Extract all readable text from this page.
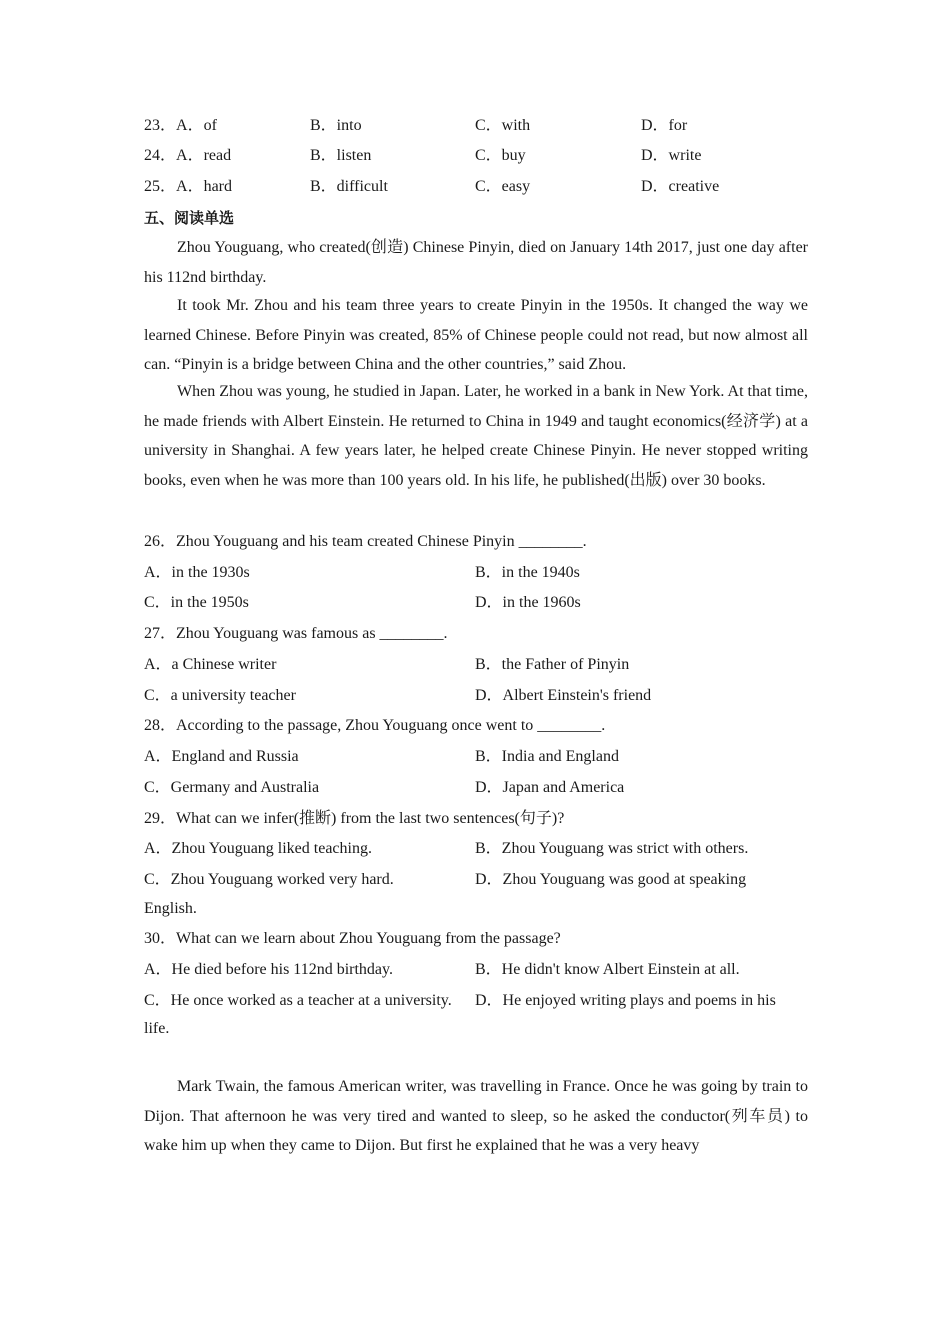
23．A．of	B．into	C．with	D．for
24．A．read	B．listen	C．buy	D．write
25．A．hard	B．difficult	C．easy	D．creative
五、阅读单选
Zhou Youguang, who created(创造) Chinese Pinyin, died on January 14th 2017, just one day after his 112nd birthday.
It took Mr. Zhou and his team three years to create Pinyin in the 1950s. It changed the way we learned Chinese. Before Pinyin was created, 85% of Chinese people could not read, but now almost all can. “Pinyin is a bridge between China and the other countries,” said Zhou.
When Zhou was young, he studied in Japan. Later, he worked in a bank in New York. At that time, he made friends with Albert Einstein. He returned to China in 1949 and taught economics(经济学) at a university in Shanghai. A few years later, he helped create Chinese Pinyin. He never stopped writing books, even when he was more than 100 years old. In his life, he published(出版) over 30 books.
26．Zhou Youguang and his team created Chinese Pinyin ________.
A．in the 1930s	B．in the 1940s
C．in the 1950s	D．in the 1960s
27．Zhou Youguang was famous as ________.
A．a Chinese writer	B．the Father of Pinyin
C．a university teacher	D．Albert Einstein's friend
28．According to the passage, Zhou Youguang once went to ________.
A．England and Russia	B．India and England
C．Germany and Australia	D．Japan and America
29．What can we infer(推断) from the last two sentences(句子)?
A．Zhou Youguang liked teaching.	B．Zhou Youguang was strict with others.
C．Zhou Youguang worked very hard.	D．Zhou Youguang was good at speaking
English.
30．What can we learn about Zhou Youguang from the passage?
A．He died before his 112nd birthday.	B．He didn't know Albert Einstein at all.
C．He once worked as a teacher at a university. D．He enjoyed writing plays and poems in his
life.
Mark Twain, the famous American writer, was travelling in France. Once he was going by train to Dijon. That afternoon he was very tired and wanted to sleep, so he asked the conductor(列车员) to wake him up when they came to Dijon. But first he explained that he was a very heavy
